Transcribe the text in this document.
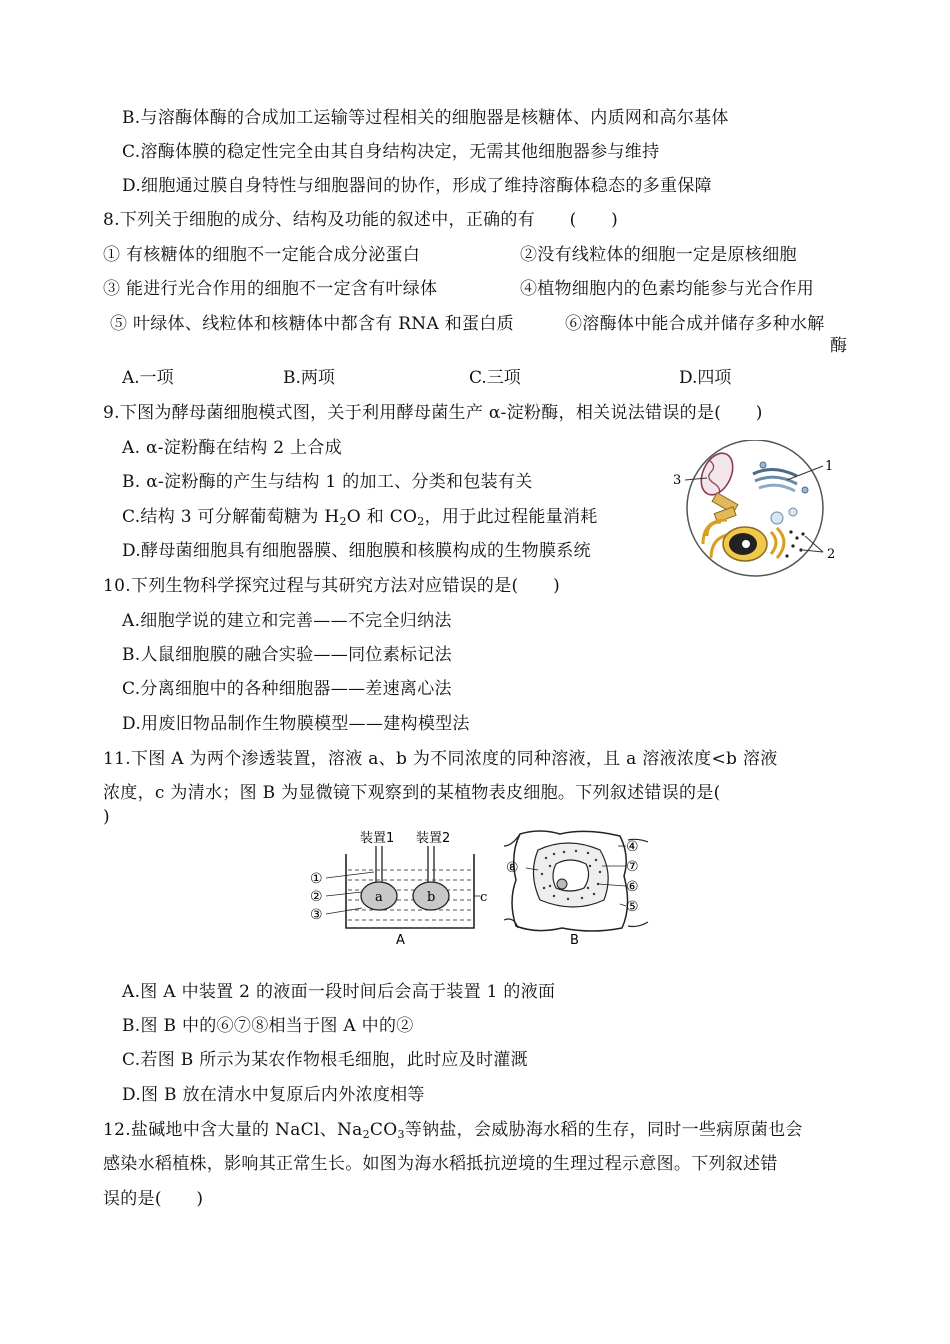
B.与溶酶体酶的合成加工运输等过程相关的细胞器是核糖体、内质网和高尔基体
C.溶酶体膜的稳定性完全由其自身结构决定，无需其他细胞器参与维持
D.细胞通过膜自身特性与细胞器间的协作，形成了维持溶酶体稳态的多重保障
8.下列关于细胞的成分、结构及功能的叙述中，正确的有　　(　　)
① 有核糖体的细胞不一定能合成分泌蛋白	②没有线粒体的细胞一定是原核细胞
③ 能进行光合作用的细胞不一定含有叶绿体	④植物细胞内的色素均能参与光合作用
⑤ 叶绿体、线粒体和核糖体中都含有 RNA 和蛋白质	⑥溶酶体中能合成并储存多种水解
酶
A.一项	B.两项	C.三项	D.四项
9.下图为酵母菌细胞模式图，关于利用酵母菌生产 α-淀粉酶，相关说法错误的是(　　)
A. α-淀粉酶在结构 2 上合成
B. α-淀粉酶的产生与结构 1 的加工、分类和包装有关
C.结构 3 可分解葡萄糖为 $H_2O$ 和 $CO_2$，用于此过程能量消耗
D.酵母菌细胞具有细胞器膜、细胞膜和核膜构成的生物膜系统
1
2
3
10.下列生物科学探究过程与其研究方法对应错误的是(　　)
A.细胞学说的建立和完善——不完全归纳法
B.人鼠细胞膜的融合实验——同位素标记法
C.分离细胞中的各种细胞器——差速离心法
D.用废旧物品制作生物膜模型——建构模型法
11.下图 A 为两个渗透装置，溶液 a、b 为不同浓度的同种溶液，且 a 溶液浓度<b 溶液
浓度，c 为清水；图 B 为显微镜下观察到的某植物表皮细胞。下列叙述错误的是(
)
装置1 装置2
a	b
①
②
③
c
A
④
⑦
⑥
⑤
⑧
B
A.图 A 中装置 2 的液面一段时间后会高于装置 1 的液面
B.图 B 中的⑥⑦⑧相当于图 A 中的②
C.若图 B 所示为某农作物根毛细胞，此时应及时灌溉
D.图 B 放在清水中复原后内外浓度相等
12.盐碱地中含大量的 NaCl、$Na_2CO_3$等钠盐，会威胁海水稻的生存，同时一些病原菌也会
感染水稻植株，影响其正常生长。如图为海水稻抵抗逆境的生理过程示意图。下列叙述错
误的是(　　)
